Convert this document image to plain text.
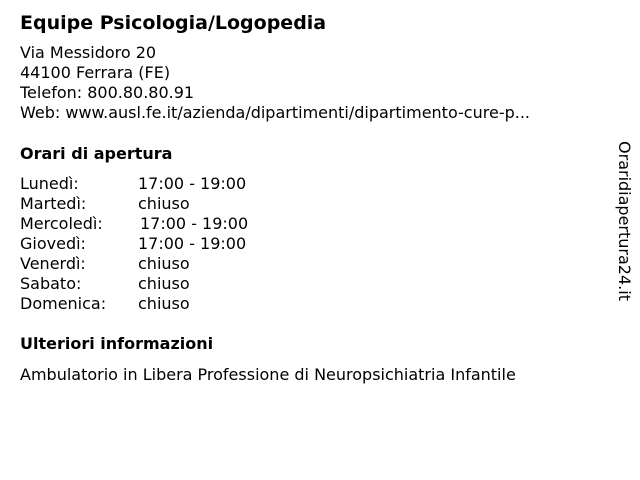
Equipe Psicologia/Logopedia
Via Messidoro 20
44100 Ferrara (FE)
Telefon: 800.80.80.91
Web: www.ausl.fe.it/azienda/dipartimenti/dipartimento-cure-p...
Orari di apertura
Lunedì:	17:00 - 19:00
Martedì:	chiuso
Mercoledì:	17:00 - 19:00
Giovedì:	17:00 - 19:00
Venerdì:	chiuso
Sabato:	chiuso
Domenica:	chiuso
Ulteriori informazioni
Ambulatorio in Libera Professione di Neuropsichiatria Infantile
Oraridiapertura24.it
